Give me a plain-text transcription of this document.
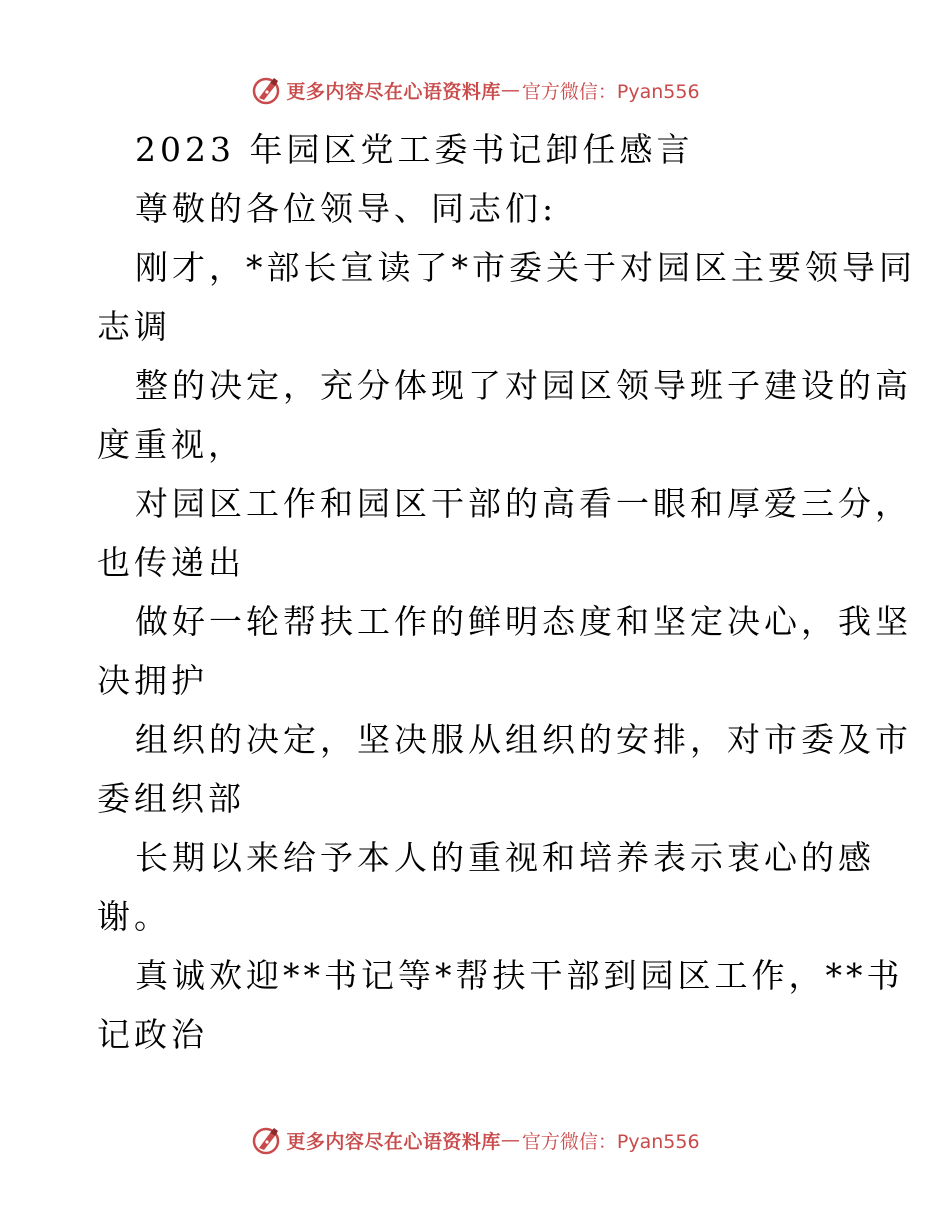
更多内容尽在心语资料库 — 官方微信：Pyan556
2023 年园区党工委书记卸任感言
尊敬的各位领导、同志们:
刚才，*部长宣读了*市委关于对园区主要领导同
志调
整的决定，充分体现了对园区领导班子建设的高
度重视，
对园区工作和园区干部的高看一眼和厚爱三分，
也传递出
做好一轮帮扶工作的鲜明态度和坚定决心，我坚
决拥护
组织的决定，坚决服从组织的安排，对市委及市
委组织部
长期以来给予本人的重视和培养表示衷心的感
谢。
真诚欢迎**书记等*帮扶干部到园区工作，**书
记政治
更多内容尽在心语资料库 — 官方微信：Pyan556
